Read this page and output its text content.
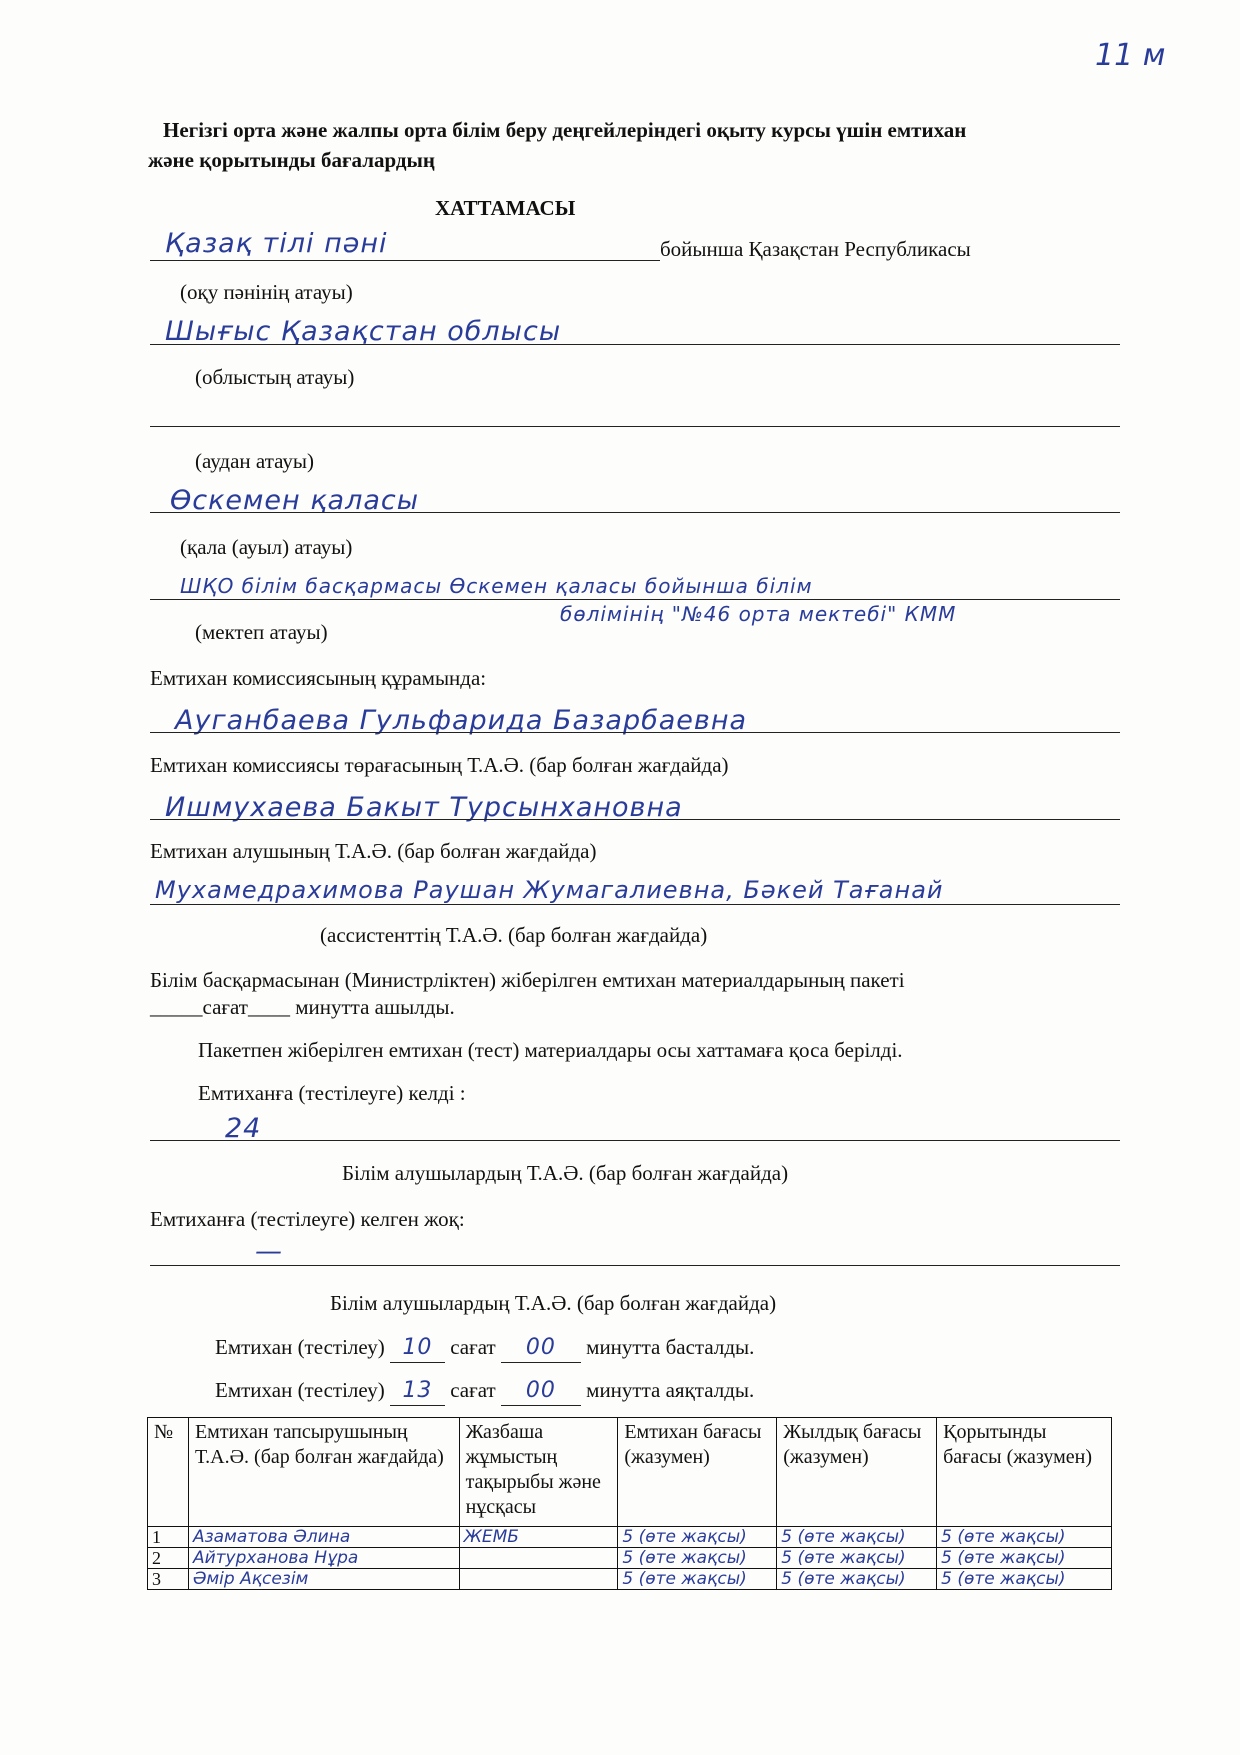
11 м
Негізгі орта және жалпы орта білім беру деңгейлеріндегі оқыту курсы үшін емтихан
және қорытынды бағалардың
ХАТТАМАСЫ
Қазақ тілі пәні	бойынша Қазақстан Республикасы
(оқу пәнінің атауы)
Шығыс Қазақстан облысы
(облыстың атауы)
(аудан атауы)
Өскемен қаласы
(қала (ауыл) атауы)
ШҚО білім басқармасы Өскемен қаласы бойынша білім
бөлімінің "№46 орта мектебі" КММ
(мектеп атауы)
Емтихан комиссиясының құрамында:
Ауганбаева Гульфарида Базарбаевна
Емтихан комиссиясы төрағасының Т.А.Ә. (бар болған жағдайда)
Ишмухаева Бакыт Турсынхановна
Емтихан алушының Т.А.Ә. (бар болған жағдайда)
Мухамедрахимова Раушан Жумагалиевна, Бәкей Тағанай
(ассистенттің Т.А.Ә. (бар болған жағдайда)
Білім басқармасынан (Министрліктен) жіберілген емтихан материалдарының пакеті
_____сағат____ минутта ашылды.
Пакетпен жіберілген емтихан (тест) материалдары осы хаттамаға қоса берілді.
Емтиханға (тестілеуге) келді :
24
Білім алушылардың Т.А.Ә. (бар болған жағдайда)
Емтиханға (тестілеуге) келген жоқ:
—
Білім алушылардың Т.А.Ә. (бар болған жағдайда)
Емтихан (тестілеу) 10 сағат 00 минутта басталды.
Емтихан (тестілеу) 13 сағат 00 минутта аяқталды.
№	Емтихан тапсырушының Т.А.Ә. (бар болған жағдайда)	Жазбаша жұмыстың тақырыбы және нұсқасы	Емтихан бағасы (жазумен)	Жылдық бағасы (жазумен)	Қорытынды бағасы (жазумен)
1	Азаматова Әлина	ЖЕМБ	5 (өте жақсы)	5 (өте жақсы)	5 (өте жақсы)
2	Айтурханова Нұра		5 (өте жақсы)	5 (өте жақсы)	5 (өте жақсы)
3	Әмір Ақсезім		5 (өте жақсы)	5 (өте жақсы)	5 (өте жақсы)
